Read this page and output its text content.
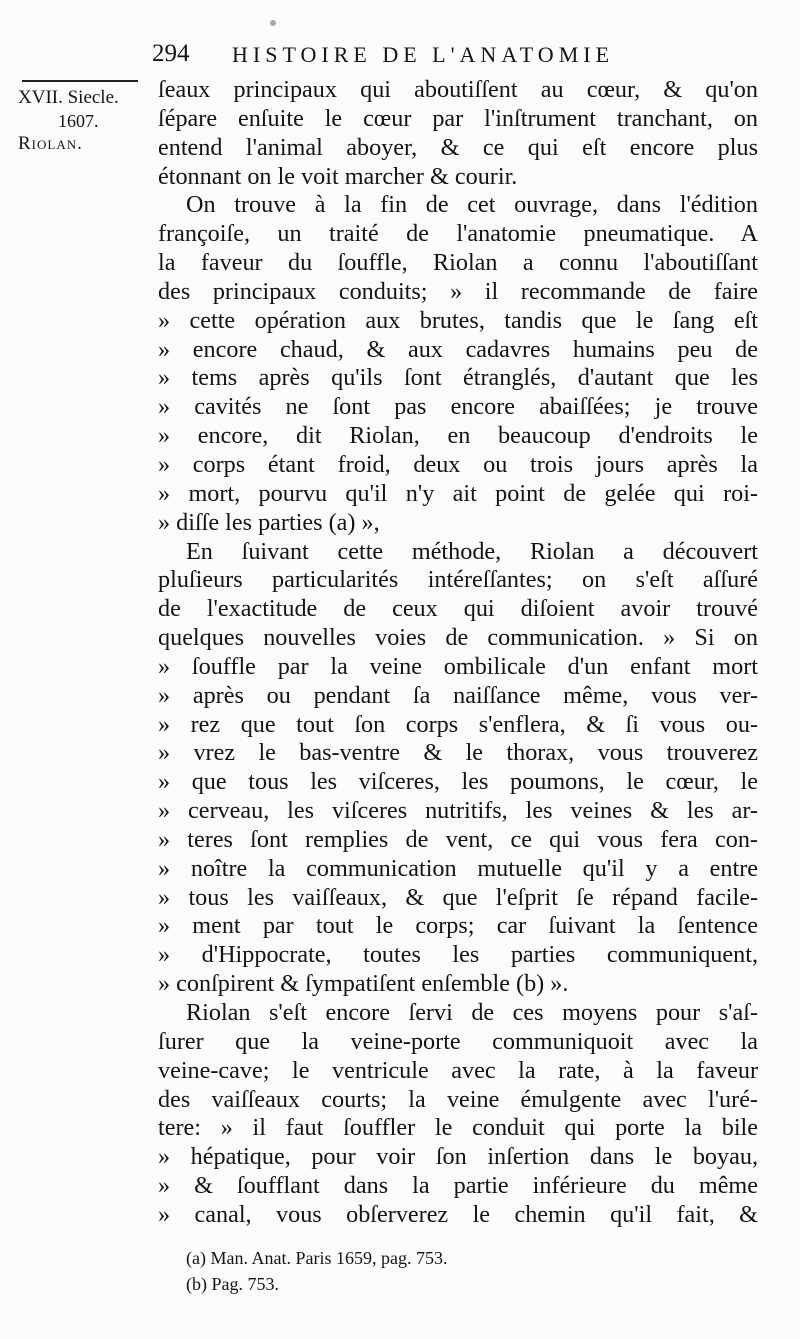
294 HISTOIRE DE L'ANATOMIE
XVII. Siecle.
1607.
Riolan.
ſeaux principaux qui aboutiſſent au cœur, & qu'on
ſépare enſuite le cœur par l'inſtrument tranchant, on
entend l'animal aboyer, & ce qui eſt encore plus
étonnant on le voit marcher & courir.
On trouve à la fin de cet ouvrage, dans l'édition
françoiſe, un traité de l'anatomie pneumatique. A
la faveur du ſouffle, Riolan a connu l'aboutiſſant
des principaux conduits; » il recommande de faire
» cette opération aux brutes, tandis que le ſang eſt
» encore chaud, & aux cadavres humains peu de
» tems après qu'ils ſont étranglés, d'autant que les
» cavités ne ſont pas encore abaiſſées; je trouve
» encore, dit Riolan, en beaucoup d'endroits le
» corps étant froid, deux ou trois jours après la
» mort, pourvu qu'il n'y ait point de gelée qui roi-
» diſſe les parties (a) »,
En ſuivant cette méthode, Riolan a découvert
pluſieurs particularités intéreſſantes; on s'eſt aſſuré
de l'exactitude de ceux qui diſoient avoir trouvé
quelques nouvelles voies de communication. » Si on
» ſouffle par la veine ombilicale d'un enfant mort
» après ou pendant ſa naiſſance même, vous ver-
» rez que tout ſon corps s'enflera, & ſi vous ou-
» vrez le bas-ventre & le thorax, vous trouverez
» que tous les viſceres, les poumons, le cœur, le
» cerveau, les viſceres nutritifs, les veines & les ar-
» teres ſont remplies de vent, ce qui vous fera con-
» noître la communication mutuelle qu'il y a entre
» tous les vaiſſeaux, & que l'eſprit ſe répand facile-
» ment par tout le corps; car ſuivant la ſentence
» d'Hippocrate, toutes les parties communiquent,
» conſpirent & ſympatiſent enſemble (b) ».
Riolan s'eſt encore ſervi de ces moyens pour s'aſ-
ſurer que la veine-porte communiquoit avec la
veine-cave; le ventricule avec la rate, à la faveur
des vaiſſeaux courts; la veine émulgente avec l'uré-
tere: » il faut ſouffler le conduit qui porte la bile
» hépatique, pour voir ſon inſertion dans le boyau,
» & ſoufflant dans la partie inférieure du même
» canal, vous obſerverez le chemin qu'il fait, &
(a) Man. Anat. Paris 1659, pag. 753.
(b) Pag. 753.
